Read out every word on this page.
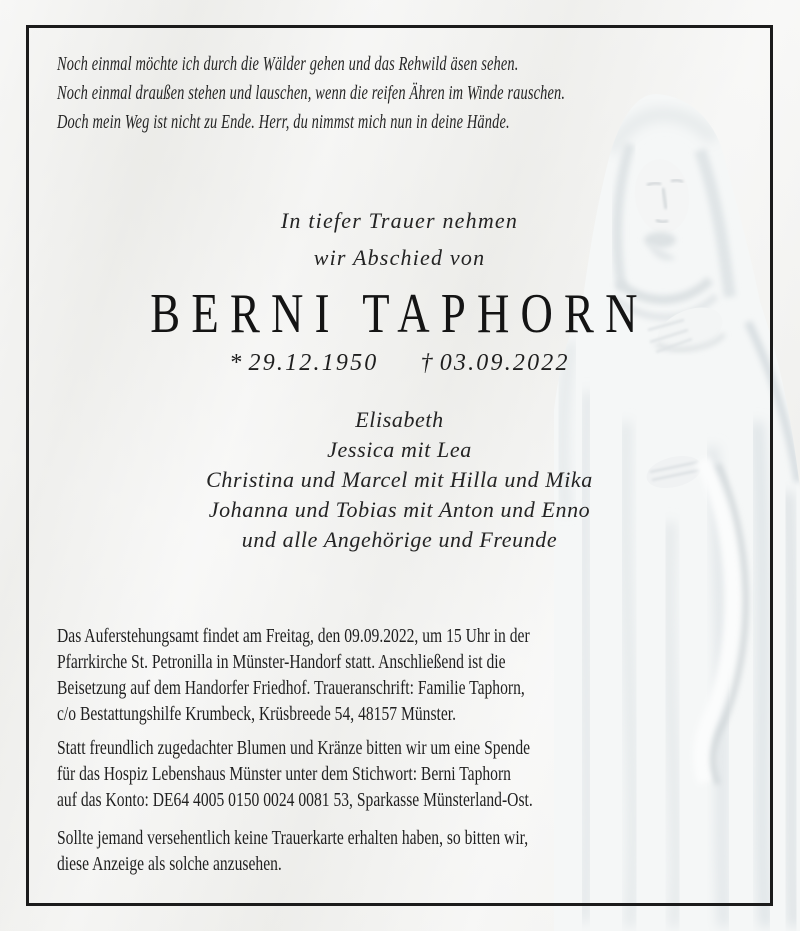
Noch einmal möchte ich durch die Wälder gehen und das Rehwild äsen sehen.
Noch einmal draußen stehen und lauschen, wenn die reifen Ähren im Winde rauschen.
Doch mein Weg ist nicht zu Ende. Herr, du nimmst mich nun in deine Hände.
In tiefer Trauer nehmen
wir Abschied von
BERNI TAPHORN
* 29.12.1950 † 03.09.2022
Elisabeth
Jessica mit Lea
Christina und Marcel mit Hilla und Mika
Johanna und Tobias mit Anton und Enno
und alle Angehörige und Freunde
Das Auferstehungsamt findet am Freitag, den 09.09.2022, um 15 Uhr in der
Pfarrkirche St. Petronilla in Münster-Handorf statt. Anschließend ist die
Beisetzung auf dem Handorfer Friedhof. Traueranschrift: Familie Taphorn,
c/o Bestattungshilfe Krumbeck, Krüsbreede 54, 48157 Münster.
Statt freundlich zugedachter Blumen und Kränze bitten wir um eine Spende
für das Hospiz Lebenshaus Münster unter dem Stichwort: Berni Taphorn
auf das Konto: DE64 4005 0150 0024 0081 53, Sparkasse Münsterland-Ost.
Sollte jemand versehentlich keine Trauerkarte erhalten haben, so bitten wir,
diese Anzeige als solche anzusehen.
